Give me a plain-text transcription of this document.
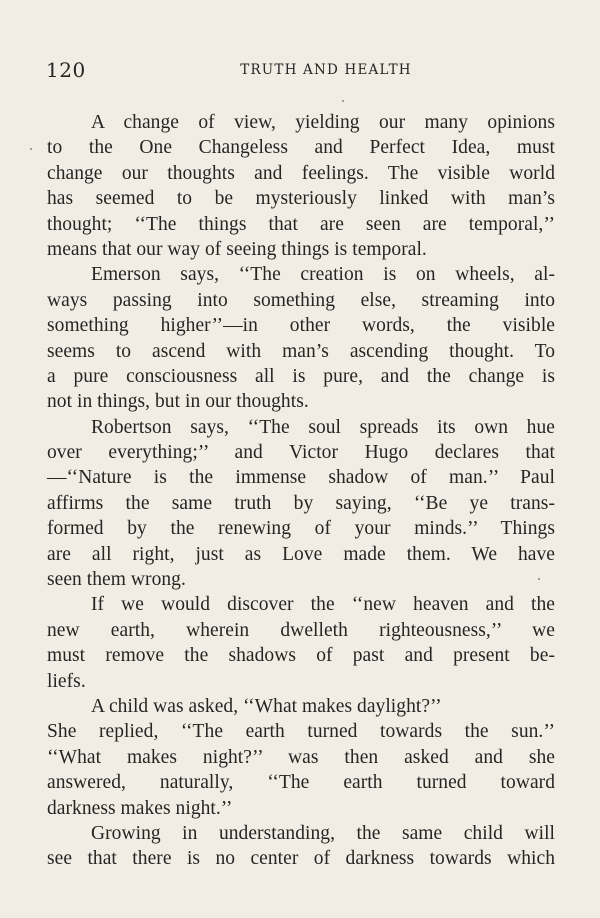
120	TRUTH AND HEALTH
A change of view, yielding our many opinions
to the One Changeless and Perfect Idea, must
change our thoughts and feelings. The visible world
has seemed to be mysteriously linked with man’s
thought; ‘‘The things that are seen are temporal,’’
means that our way of seeing things is temporal.
Emerson says, ‘‘The creation is on wheels, al-
ways passing into something else, streaming into
something higher’’—in other words, the visible
seems to ascend with man’s ascending thought. To
a pure consciousness all is pure, and the change is
not in things, but in our thoughts.
Robertson says, ‘‘The soul spreads its own hue
over everything;’’ and Victor Hugo declares that
—‘‘Nature is the immense shadow of man.’’ Paul
affirms the same truth by saying, ‘‘Be ye trans-
formed by the renewing of your minds.’’ Things
are all right, just as Love made them. We have
seen them wrong.
If we would discover the ‘‘new heaven and the
new earth, wherein dwelleth righteousness,’’ we
must remove the shadows of past and present be-
liefs.
A child was asked, ‘‘What makes daylight?’’
She replied, ‘‘The earth turned towards the sun.’’
‘‘What makes night?’’ was then asked and she
answered, naturally, ‘‘The earth turned toward
darkness makes night.’’
Growing in understanding, the same child will
see that there is no center of darkness towards which
